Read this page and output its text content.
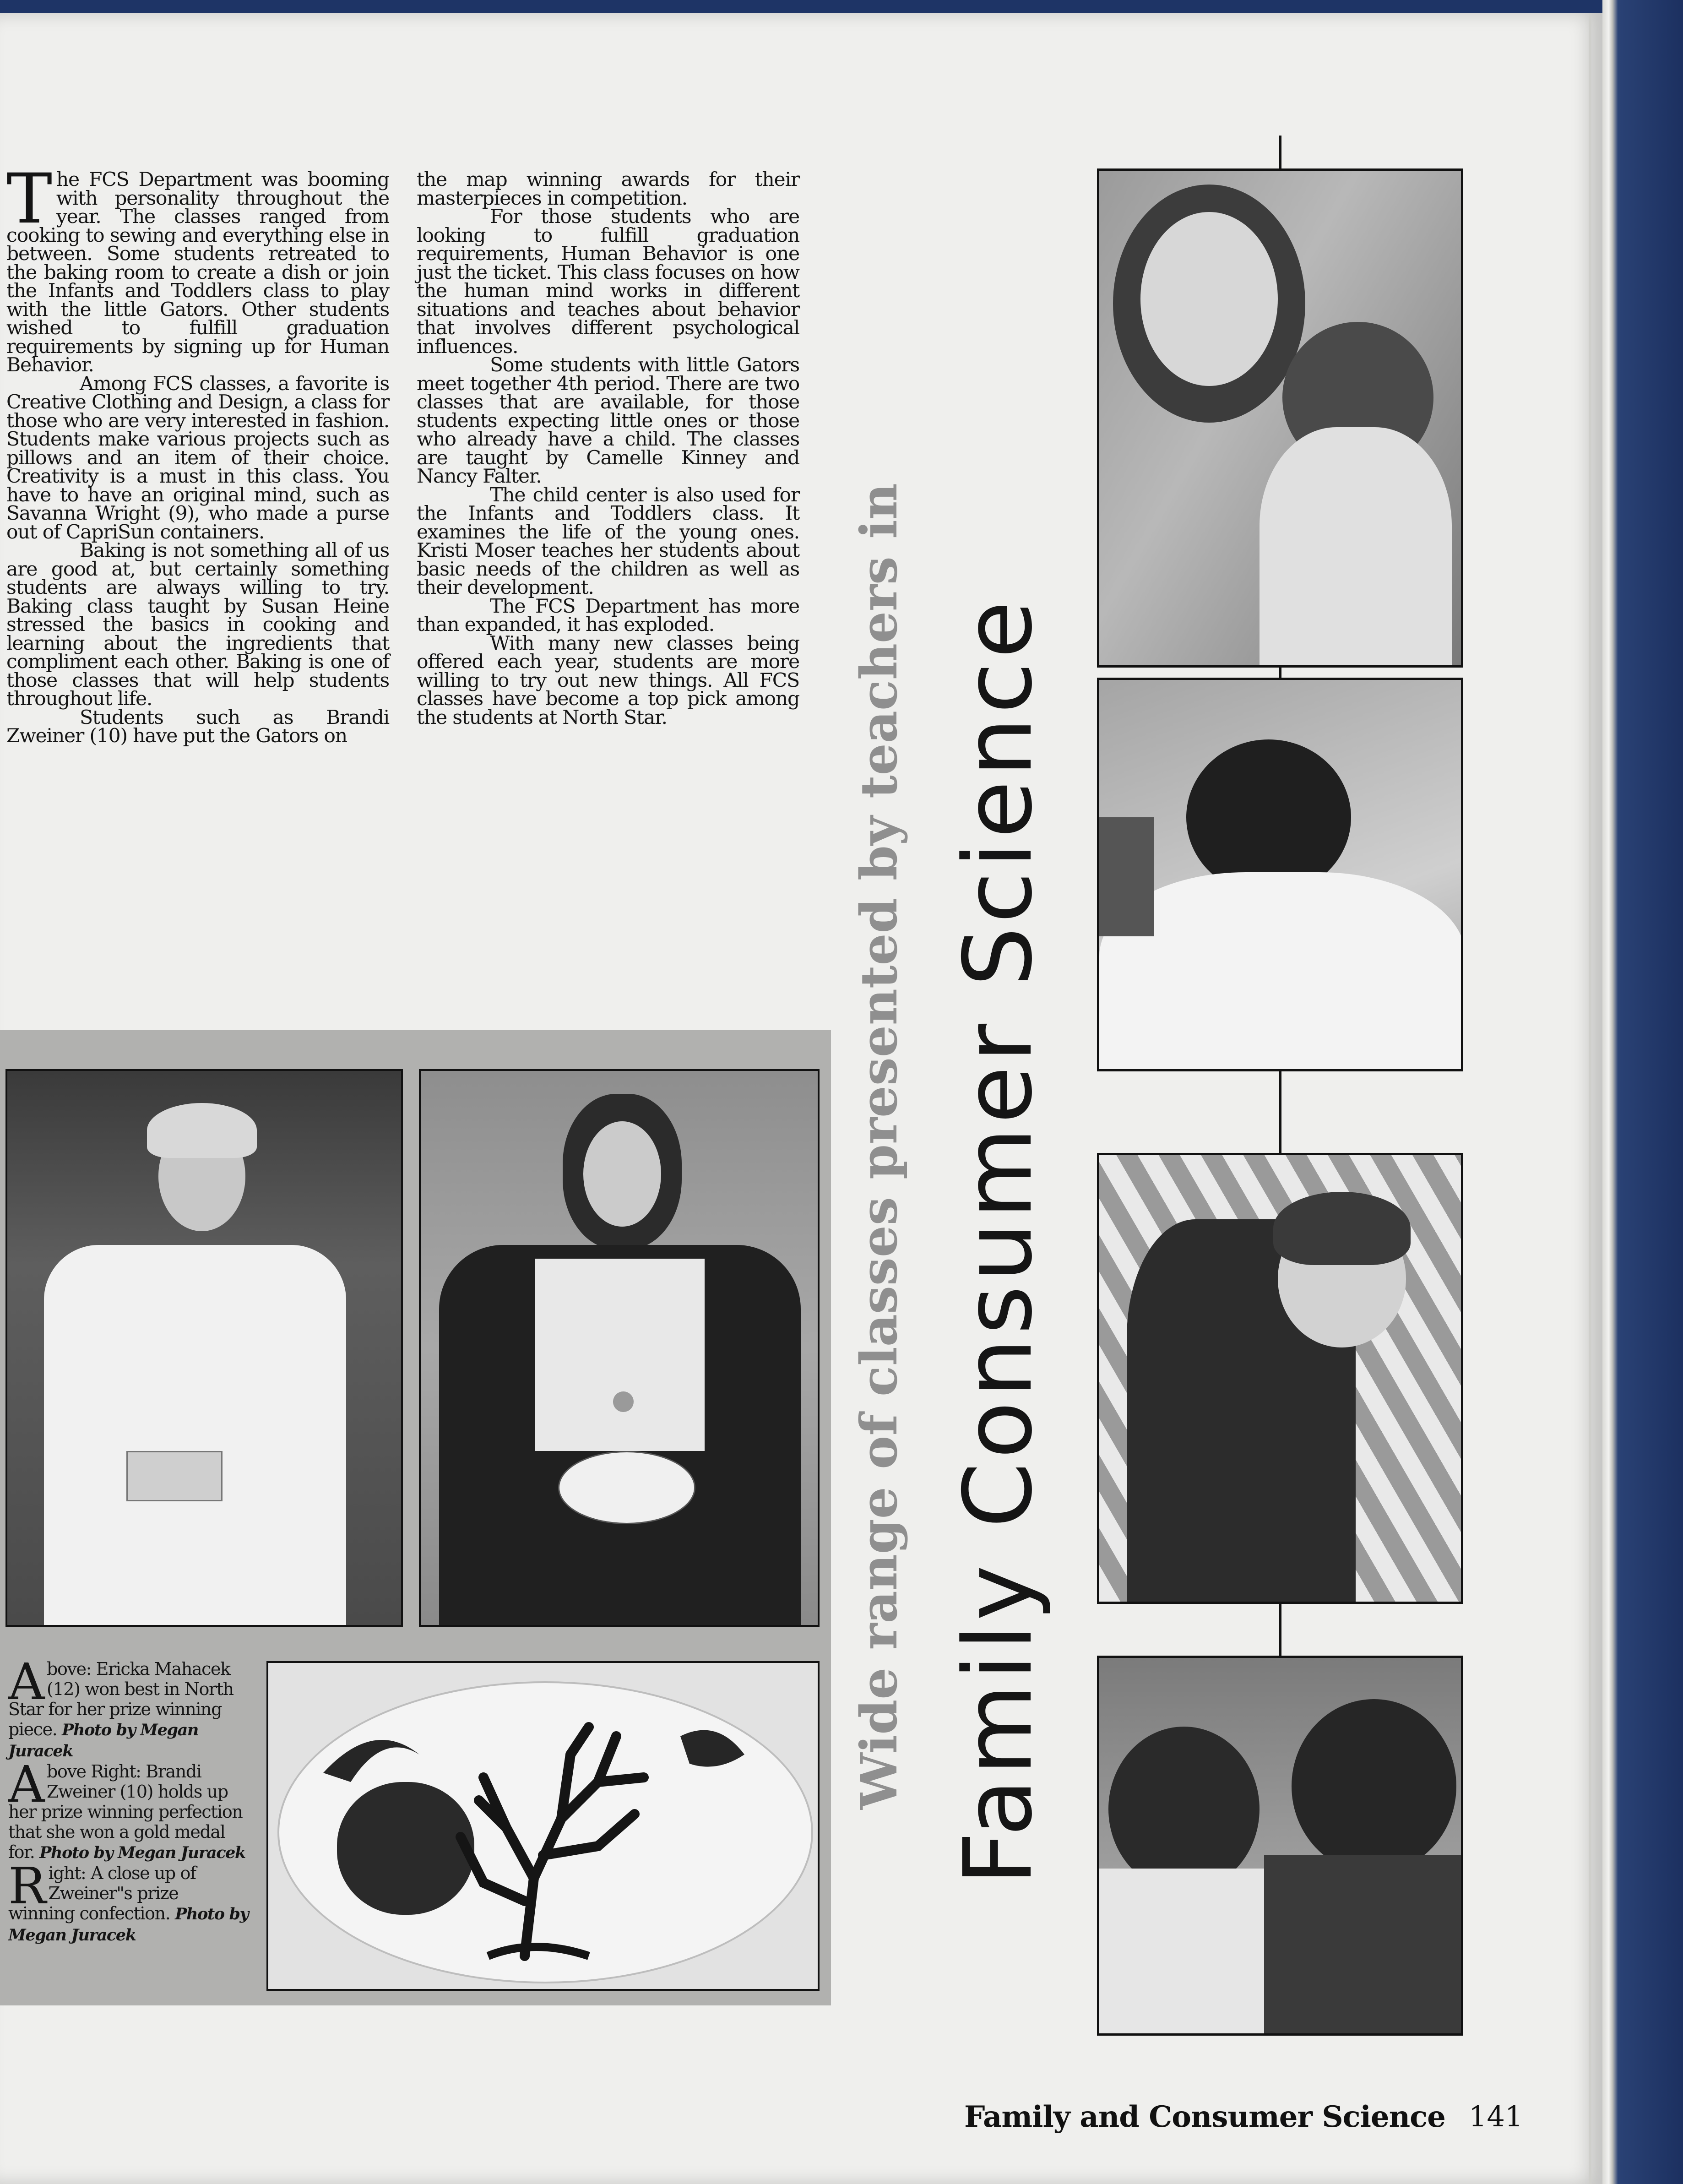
The FCS Department was booming with personality throughout the year. The classes ranged from cooking to sewing and everything else in between. Some students retreated to the baking room to create a dish or join the Infants and Toddlers class to play with the little Gators. Other students wished to fulfill graduation requirements by signing up for Human Behavior.

Among FCS classes, a favorite is Creative Clothing and Design, a class for those who are very interested in fashion. Students make various projects such as pillows and an item of their choice. Creativity is a must in this class. You have to have an original mind, such as Savanna Wright (9), who made a purse out of CapriSun containers.

Baking is not something all of us are good at, but certainly something students are always willing to try. Baking class taught by Susan Heine stressed the basics in cooking and learning about the ingredients that compliment each other. Baking is one of those classes that will help students throughout life.

Students such as Brandi Zweiner (10) have put the Gators on

the map winning awards for their masterpieces in competition.

For those students who are looking to fulfill graduation requirements, Human Behavior is one just the ticket. This class focuses on how the human mind works in different situations and teaches about behavior that involves different psychological influences.

Some students with little Gators meet together 4th period. There are two classes that are available, for those students expecting little ones or those who already have a child. The classes are taught by Camelle Kinney and Nancy Falter.

The child center is also used for the Infants and Toddlers class. It examines the life of the young ones. Kristi Moser teaches her students about basic needs of the children as well as their development.

The FCS Department has more than expanded, it has exploded.

With many new classes being offered each year, students are more willing to try out new things. All FCS classes have become a top pick among the students at North Star.

Above: Ericka Mahacek (12) won best in North Star for her prize winning piece. Photo by Megan Juracek

Above Right: Brandi Zweiner (10) holds up her prize winning perfection that she won a gold medal for. Photo by Megan Juracek

Right: A close up of Zweiner"s prize winning confection. Photo by Megan Juracek

Wide range of classes presented by teachers in Family Consumer Science
Family and Consumer Science 141
